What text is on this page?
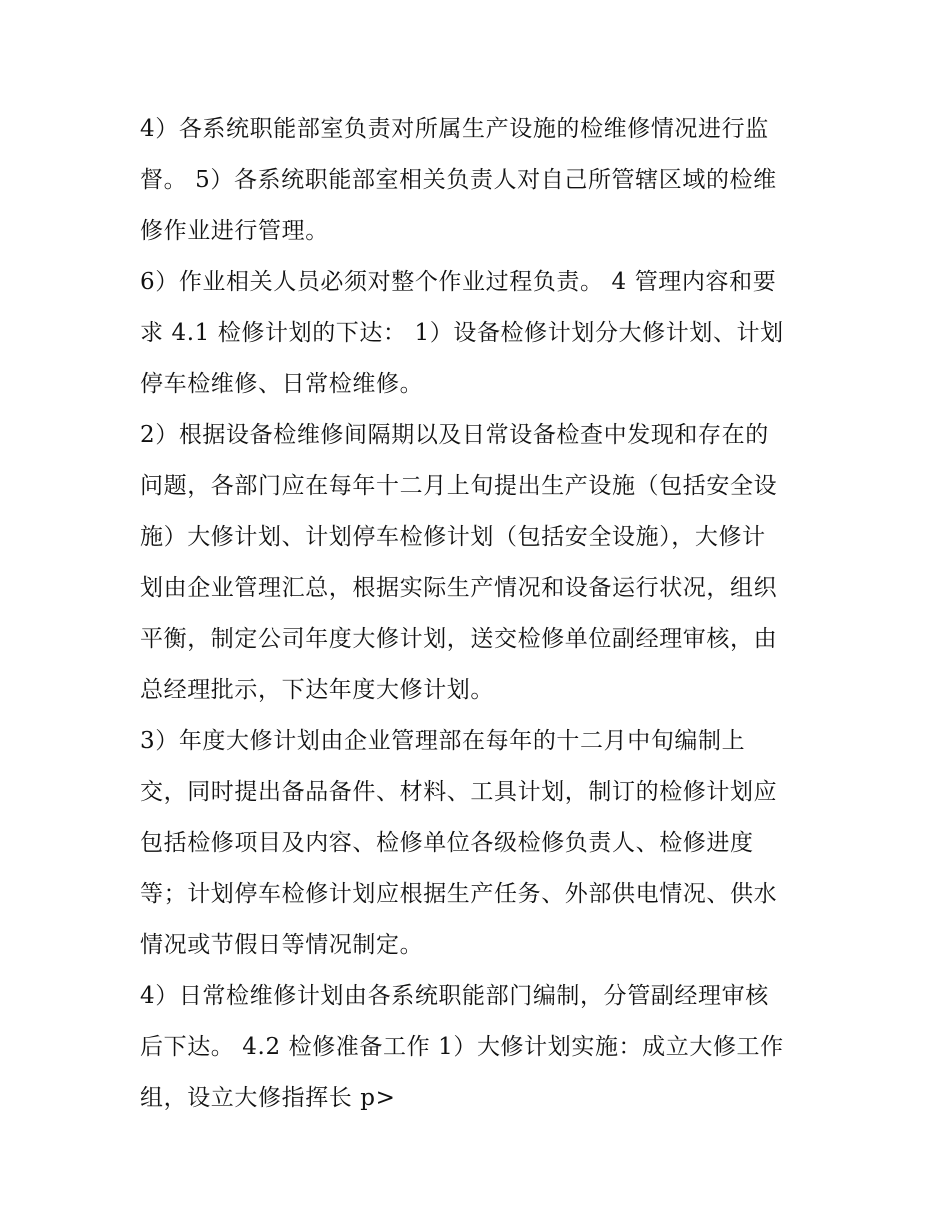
4）各系统职能部室负责对所属生产设施的检维修情况进行监
督。 5）各系统职能部室相关负责人对自己所管辖区域的检维
修作业进行管理。
6）作业相关人员必须对整个作业过程负责。 4 管理内容和要
求 4.1 检修计划的下达： 1）设备检修计划分大修计划、计划
停车检维修、日常检维修。
2）根据设备检维修间隔期以及日常设备检查中发现和存在的
问题，各部门应在每年十二月上旬提出生产设施（包括安全设
施）大修计划、计划停车检修计划（包括安全设施），大修计
划由企业管理汇总，根据实际生产情况和设备运行状况，组织
平衡，制定公司年度大修计划，送交检修单位副经理审核，由
总经理批示，下达年度大修计划。
3）年度大修计划由企业管理部在每年的十二月中旬编制上
交，同时提出备品备件、材料、工具计划，制订的检修计划应
包括检修项目及内容、检修单位各级检修负责人、检修进度
等；计划停车检修计划应根据生产任务、外部供电情况、供水
情况或节假日等情况制定。
4）日常检维修计划由各系统职能部门编制，分管副经理审核
后下达。 4.2 检修准备工作 1）大修计划实施：成立大修工作
组，设立大修指挥长 p>
